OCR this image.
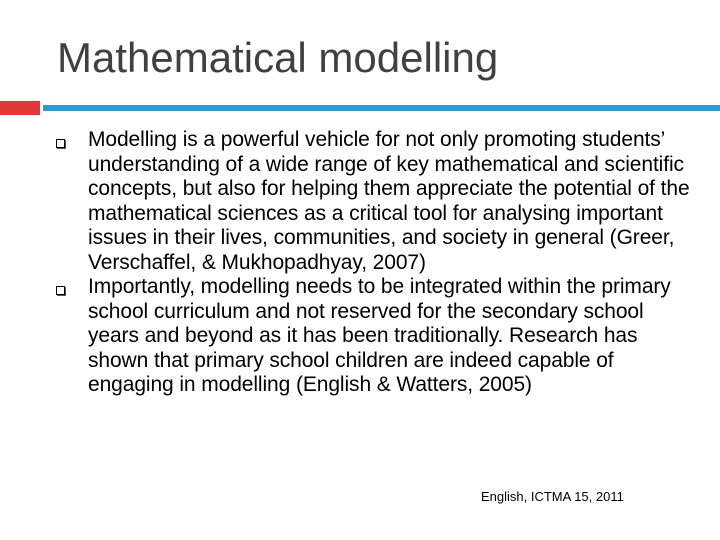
Mathematical modelling
Modelling is a powerful vehicle for not only promoting students’ understanding of a wide range of key mathematical and scientific concepts, but also for helping them appreciate the potential of the mathematical sciences as a critical tool for analysing important issues in their lives, communities, and society in general (Greer, Verschaffel, & Mukhopadhyay, 2007)
Importantly, modelling needs to be integrated within the primary school curriculum and not reserved for the secondary school years and beyond as it has been traditionally. Research has shown that primary school children are indeed capable of engaging in modelling (English & Watters, 2005)
English, ICTMA 15, 2011
